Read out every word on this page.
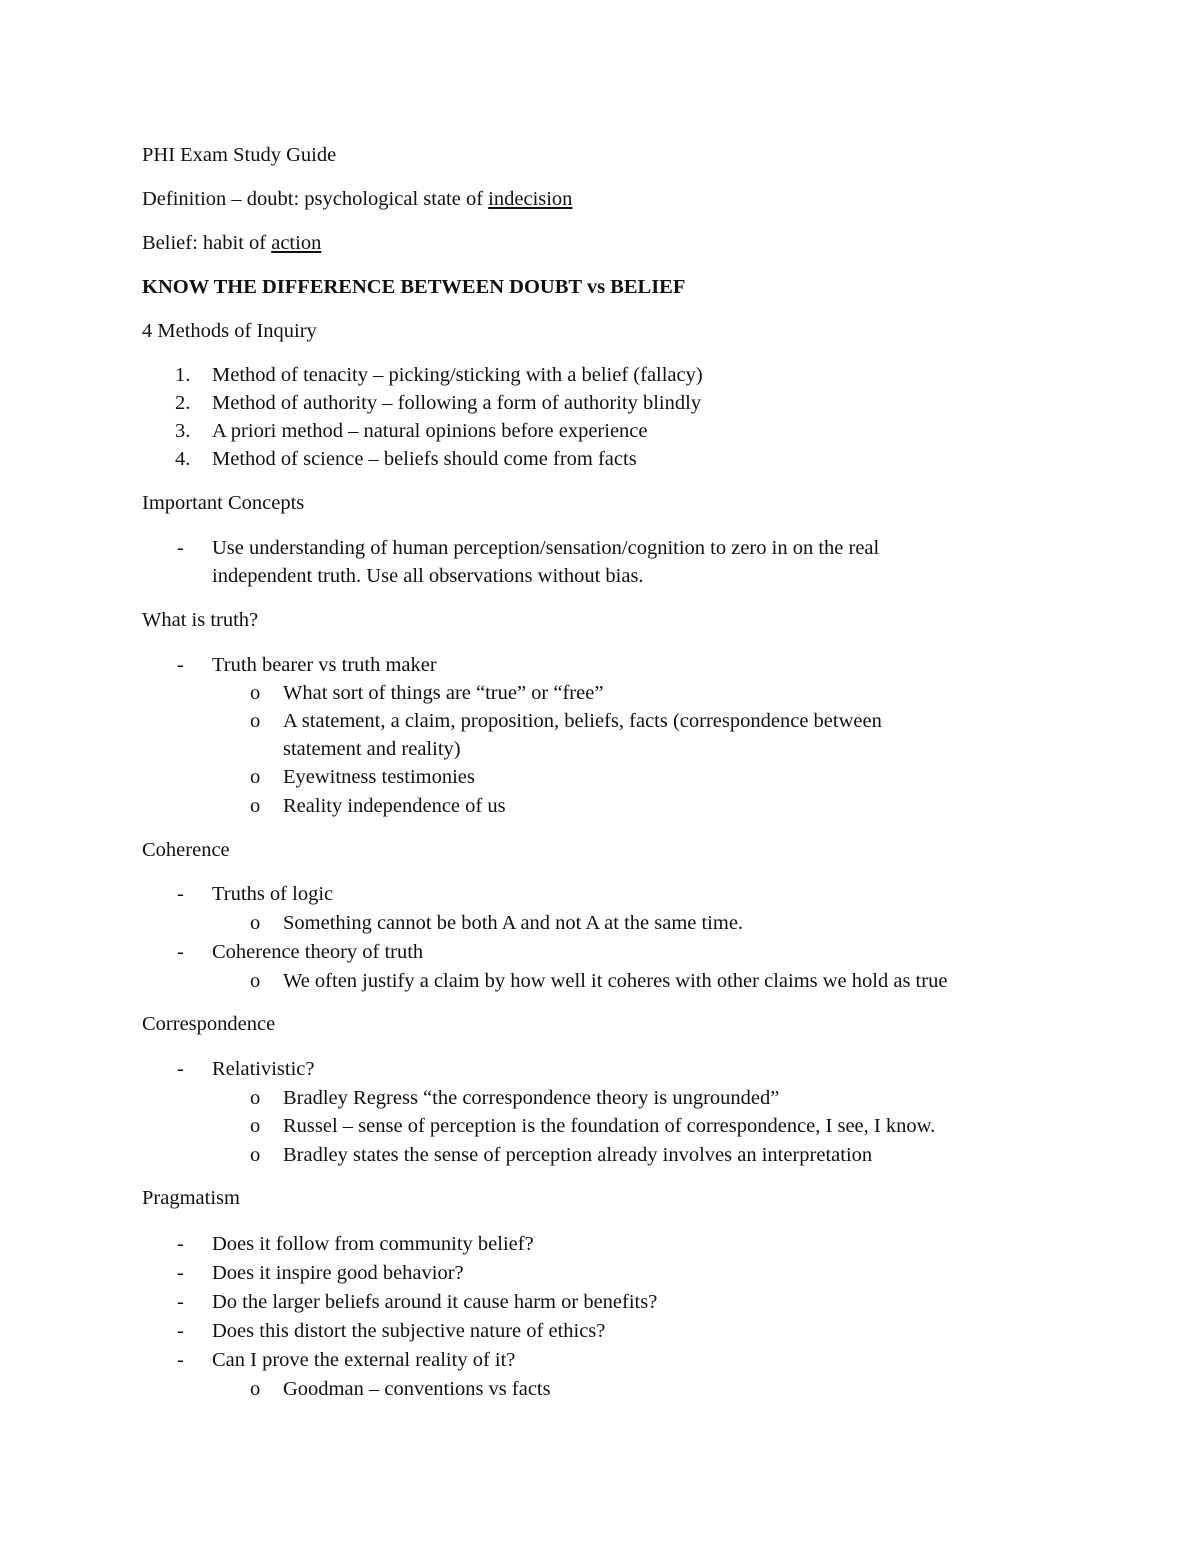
PHI Exam Study Guide
Definition – doubt: psychological state of indecision
Belief: habit of action
KNOW THE DIFFERENCE BETWEEN DOUBT vs BELIEF
4 Methods of Inquiry
1. Method of tenacity – picking/sticking with a belief (fallacy)
2. Method of authority – following a form of authority blindly
3. A priori method – natural opinions before experience
4. Method of science – beliefs should come from facts
Important Concepts
- Use understanding of human perception/sensation/cognition to zero in on the real
independent truth. Use all observations without bias.
What is truth?
- Truth bearer vs truth maker
o What sort of things are “true” or “free”
o A statement, a claim, proposition, beliefs, facts (correspondence between
statement and reality)
o Eyewitness testimonies
o Reality independence of us
Coherence
- Truths of logic
o Something cannot be both A and not A at the same time.
- Coherence theory of truth
o We often justify a claim by how well it coheres with other claims we hold as true
Correspondence
- Relativistic?
o Bradley Regress “the correspondence theory is ungrounded”
o Russel – sense of perception is the foundation of correspondence, I see, I know.
o Bradley states the sense of perception already involves an interpretation
Pragmatism
- Does it follow from community belief?
- Does it inspire good behavior?
- Do the larger beliefs around it cause harm or benefits?
- Does this distort the subjective nature of ethics?
- Can I prove the external reality of it?
o Goodman – conventions vs facts
